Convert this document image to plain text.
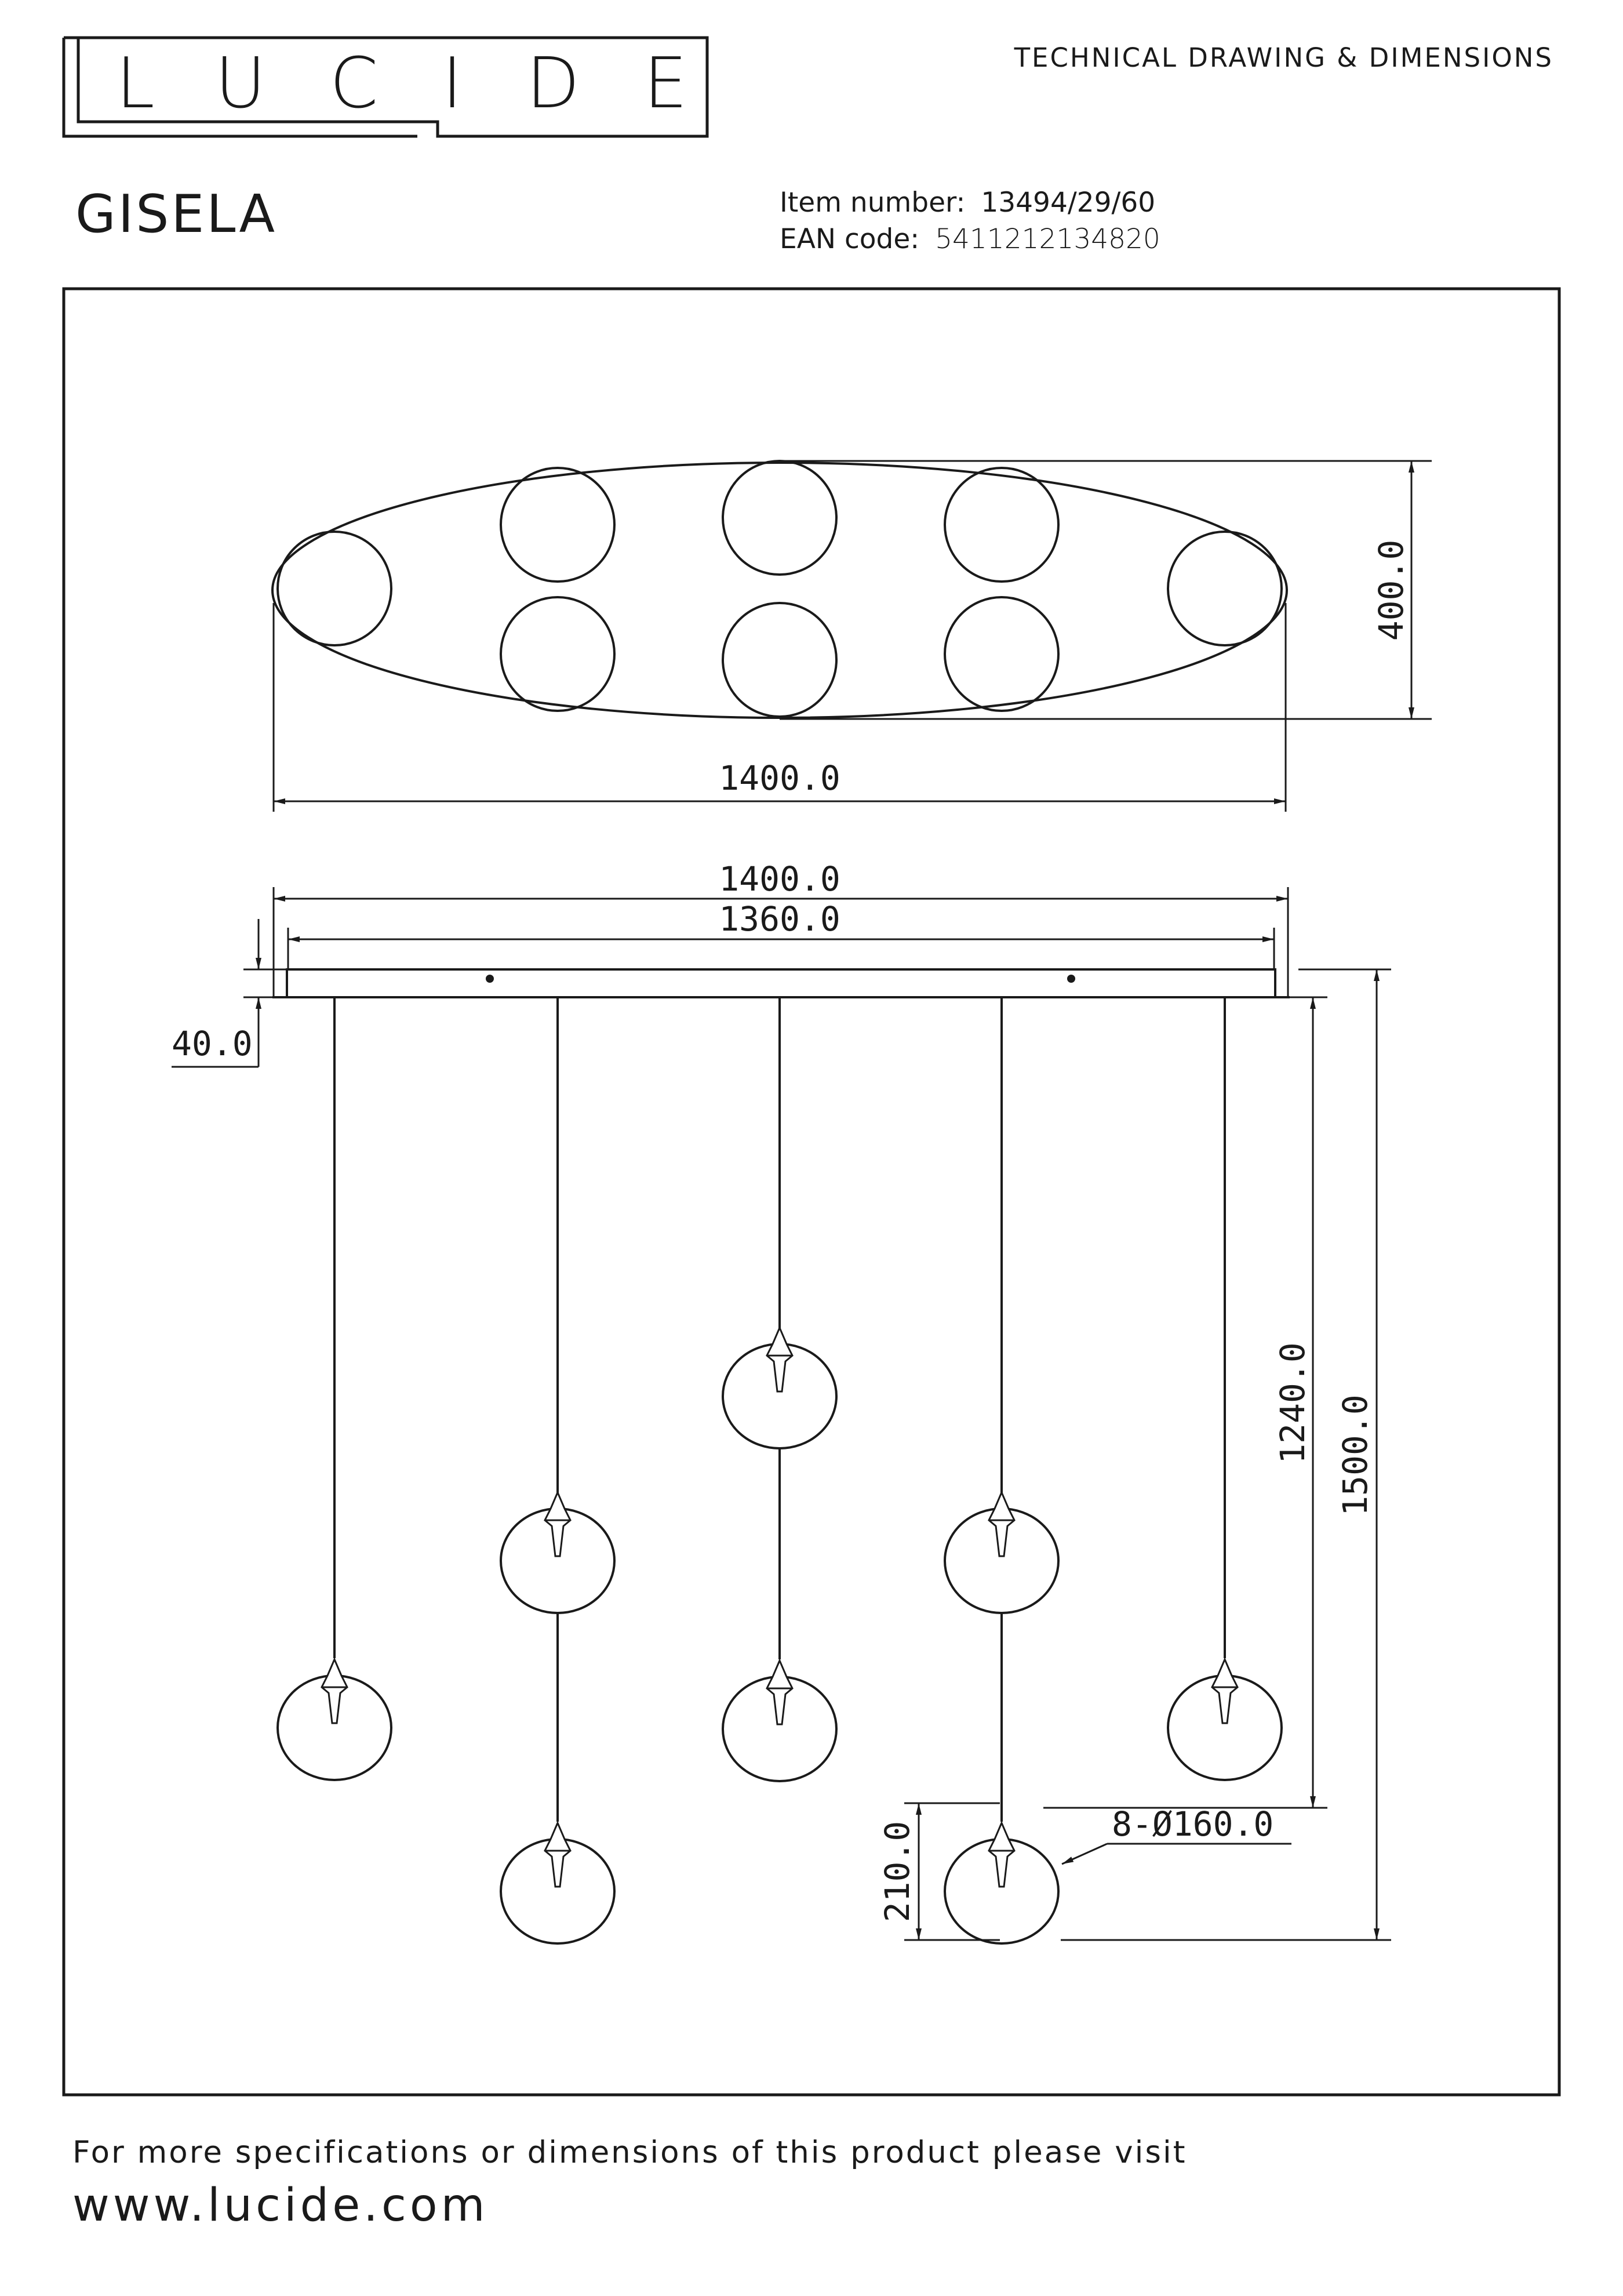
LUCIDE	TECHNICAL DRAWING & DIMENSIONS
GISELA	Item number: 13494/29/60
EAN code: 5411212134820
1400.0
400.0
1400.0
1360.0
40.0
1240.0 1500.0
210.0	8-Ø160.0
For more specifications or dimensions of this product please visit
www.lucide.com
